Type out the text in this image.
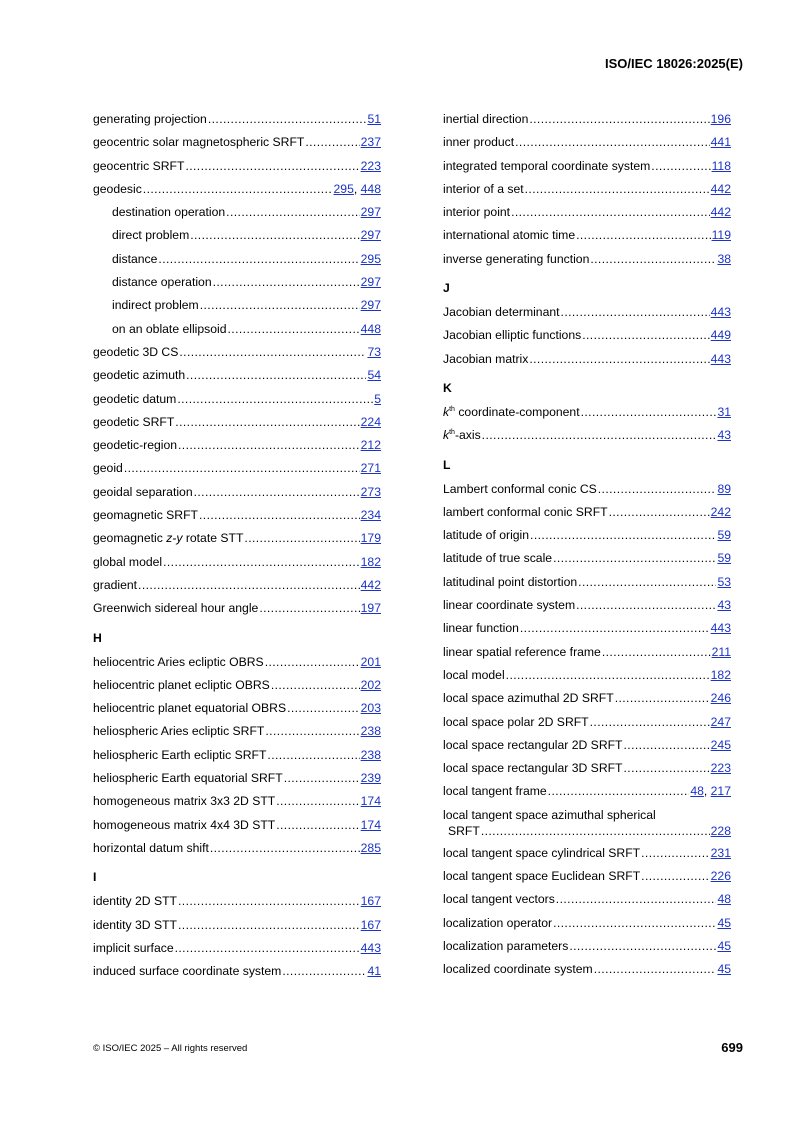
ISO/IEC 18026:2025(E)
generating projection .....	51
geocentric solar magnetospheric SRFT .....	237
geocentric SRFT .....	223
geodesic .....	295, 448
destination operation .....	297
direct problem .....	297
distance .....	295
distance operation .....	297
indirect problem .....	297
on an oblate ellipsoid .....	448
geodetic 3D CS .....	73
geodetic azimuth .....	54
geodetic datum .....	5
geodetic SRFT .....	224
geodetic-region .....	212
geoid .....	271
geoidal separation .....	273
geomagnetic SRFT .....	234
geomagnetic z-y rotate STT .....	179
global model .....	182
gradient .....	442
Greenwich sidereal hour angle .....	197
H
heliocentric Aries ecliptic OBRS .....	201
heliocentric planet ecliptic OBRS .....	202
heliocentric planet equatorial OBRS .....	203
heliospheric Aries ecliptic SRFT .....	238
heliospheric Earth ecliptic SRFT .....	238
heliospheric Earth equatorial SRFT .....	239
homogeneous matrix 3x3 2D STT .....	174
homogeneous matrix 4x4 3D STT .....	174
horizontal datum shift .....	285
I
identity 2D STT .....	167
identity 3D STT .....	167
implicit surface .....	443
induced surface coordinate system .....	41
inertial direction .....	196
inner product .....	441
integrated temporal coordinate system .....	118
interior of a set .....	442
interior point .....	442
international atomic time .....	119
inverse generating function .....	38
J
Jacobian determinant .....	443
Jacobian elliptic functions .....	449
Jacobian matrix .....	443
K
$k^{th}$ coordinate-component .....	31
$k^{th}$-axis .....	43
L
Lambert conformal conic CS .....	89
lambert conformal conic SRFT .....	242
latitude of origin .....	59
latitude of true scale .....	59
latitudinal point distortion .....	53
linear coordinate system .....	43
linear function .....	443
linear spatial reference frame .....	211
local model .....	182
local space azimuthal 2D SRFT .....	246
local space polar 2D SRFT .....	247
local space rectangular 2D SRFT .....	245
local space rectangular 3D SRFT .....	223
local tangent frame .....	48, 217
local tangent space azimuthal spherical
SRFT .....	228
local tangent space cylindrical SRFT .....	231
local tangent space Euclidean SRFT .....	226
local tangent vectors .....	48
localization operator .....	45
localization parameters .....	45
localized coordinate system .....	45
© ISO/IEC 2025 – All rights reserved	699
